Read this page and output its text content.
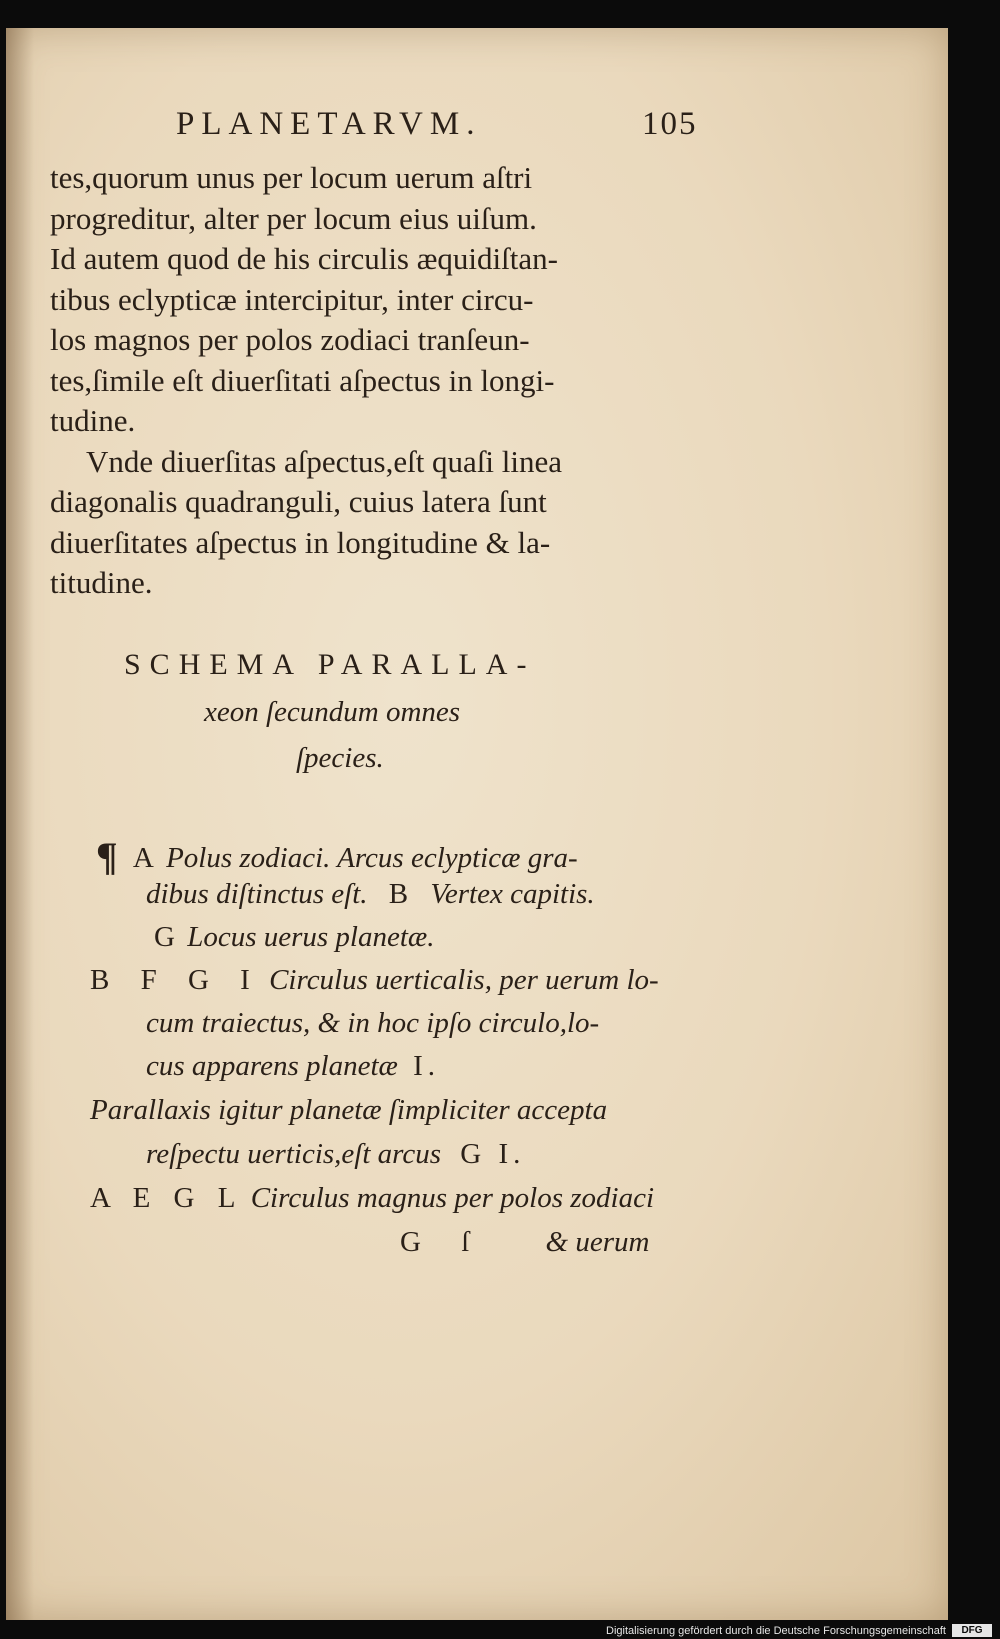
PLANETARVM.	105
tes,quorum unus per locum uerum aſtri
progreditur, alter per locum eius uiſum.
Id autem quod de his circulis æquidiſtan-
tibus eclypticæ intercipitur, inter circu-
los magnos per polos zodiaci tranſeun-
tes,ſimile eſt diuerſitati aſpectus in longi-
tudine.
Vnde diuerſitas aſpectus,eſt quaſi linea
diagonalis quadranguli, cuius latera ſunt
diuerſitates aſpectus in longitudine & la-
titudine.
SCHEMA PARALLA-
xeon ſecundum omnes
ſpecies.
¶ A Polus zodiaci. Arcus eclypticæ gra-
dibus diſtinctus eſt. B Vertex capitis.
G Locus uerus planetæ.
B F G I Circulus uerticalis, per uerum lo-
cum traiectus, & in hoc ipſo circulo,lo-
cus apparens planetæ I.
Parallaxis igitur planetæ ſimpliciter accepta
reſpectu uerticis,eſt arcus G I.
A E G L Circulus magnus per polos zodiaci
G ſ & uerum
Digitalisierung gefördert durch die Deutsche Forschungsgemeinschaft	DFG
